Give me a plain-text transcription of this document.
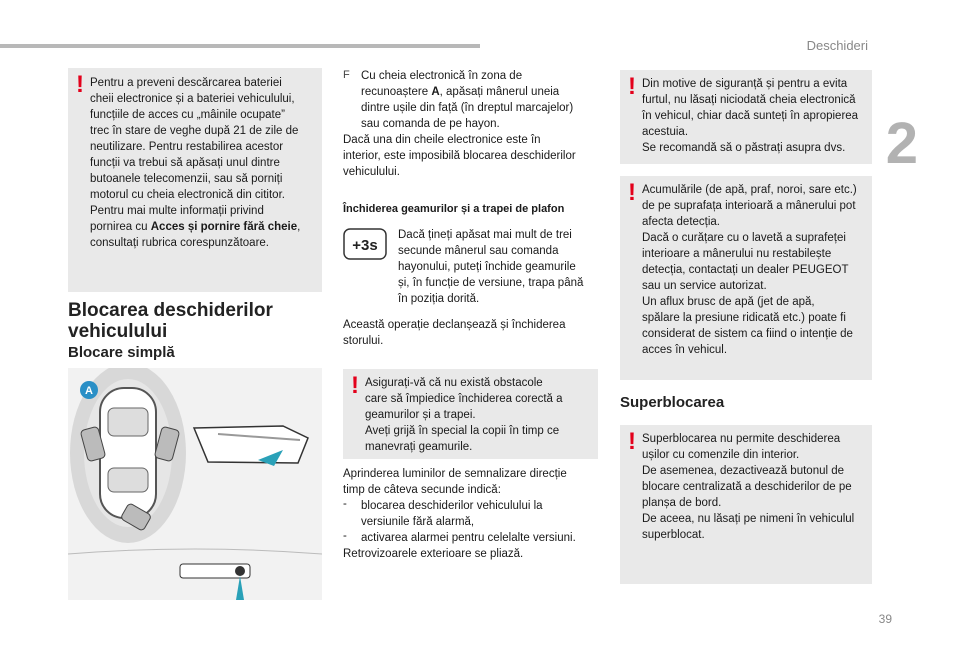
Deschideri
2
39
! Pentru a preveni descărcarea bateriei
cheii electronice și a bateriei vehiculului,
funcțiile de acces cu „mâinile ocupate”
trec în stare de veghe după 21 de zile de
neutilizare. Pentru restabilirea acestor
funcții va trebui să apăsați unul dintre
butoanele telecomenzii, sau să porniți
motorul cu cheia electronică din cititor.
Pentru mai multe informații privind
pornirea cu Acces și pornire fără cheie,
consultați rubrica corespunzătoare.
Blocarea deschiderilor
vehiculului
Blocare simplă
A
F Cu cheia electronică în zona de
recunoaștere A, apăsați mânerul uneia
dintre ușile din față (în dreptul marcajelor)
sau comanda de pe hayon.
Dacă una din cheile electronice este în
interior, este imposibilă blocarea deschiderilor
vehiculului.
Închiderea geamurilor și a trapei de plafon
+3s
Dacă țineți apăsat mai mult de trei
secunde mânerul sau comanda
hayonului, puteți închide geamurile
și, în funcție de versiune, trapa până
în poziția dorită.
Această operație declanșează și închiderea
storului.
! Asigurați-vă că nu există obstacole
care să împiedice închiderea corectă a
geamurilor și a trapei.
Aveți grijă în special la copii în timp ce
manevrați geamurile.
Aprinderea luminilor de semnalizare direcție
timp de câteva secunde indică:
- blocarea deschiderilor vehiculului la
versiunile fără alarmă,
- activarea alarmei pentru celelalte versiuni.
Retrovizoarele exterioare se pliază.
! Din motive de siguranță și pentru a evita
furtul, nu lăsați niciodată cheia electronică
în vehicul, chiar dacă sunteți în apropierea
acestuia.
Se recomandă să o păstrați asupra dvs.
! Acumulările (de apă, praf, noroi, sare etc.)
de pe suprafața interioară a mânerului pot
afecta detecția.
Dacă o curățare cu o lavetă a suprafeței
interioare a mânerului nu restabilește
detecția, contactați un dealer PEUGEOT
sau un service autorizat.
Un aflux brusc de apă (jet de apă,
spălare la presiune ridicată etc.) poate fi
considerat de sistem ca fiind o intenție de
acces în vehicul.
Superblocarea
! Superblocarea nu permite deschiderea
ușilor cu comenzile din interior.
De asemenea, dezactivează butonul de
blocare centralizată a deschiderilor de pe
planșa de bord.
De aceea, nu lăsați pe nimeni în vehiculul
superblocat.
